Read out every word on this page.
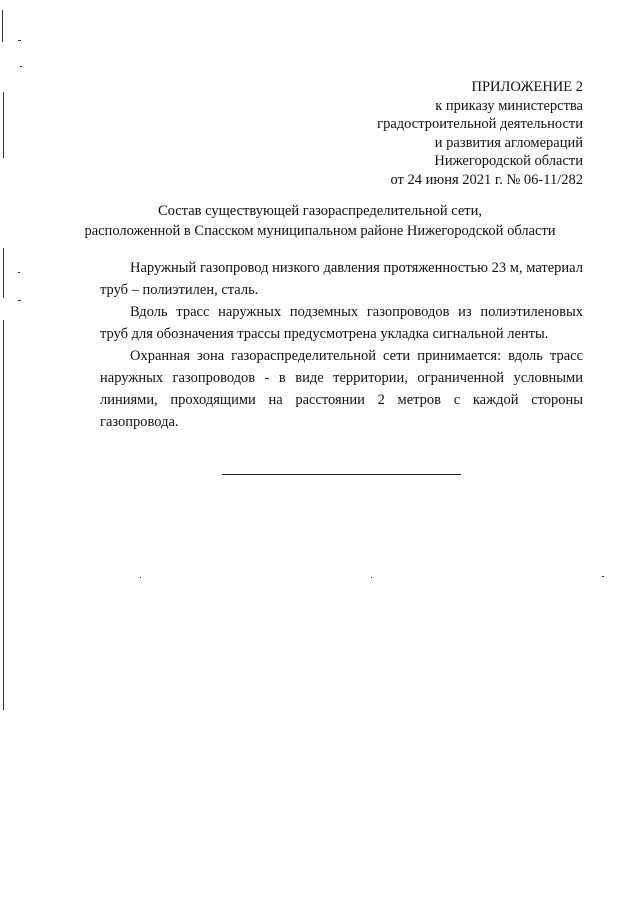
ПРИЛОЖЕНИЕ 2
к приказу министерства
градостроительной деятельности
и развития агломераций
Нижегородской области
от 24 июня 2021 г. № 06-11/282
Состав существующей газораспределительной сети,
расположенной в Спасском муниципальном районе Нижегородской области

Наружный газопровод низкого давления протяженностью 23 м, материал труб – полиэтилен, сталь.

Вдоль трасс наружных подземных газопроводов из полиэтиленовых труб для обозначения трассы предусмотрена укладка сигнальной ленты.

Охранная зона газораспределительной сети принимается: вдоль трасс наружных газопроводов - в виде территории, ограниченной условными линиями, проходящими на расстоянии 2 метров с каждой стороны газопровода.
